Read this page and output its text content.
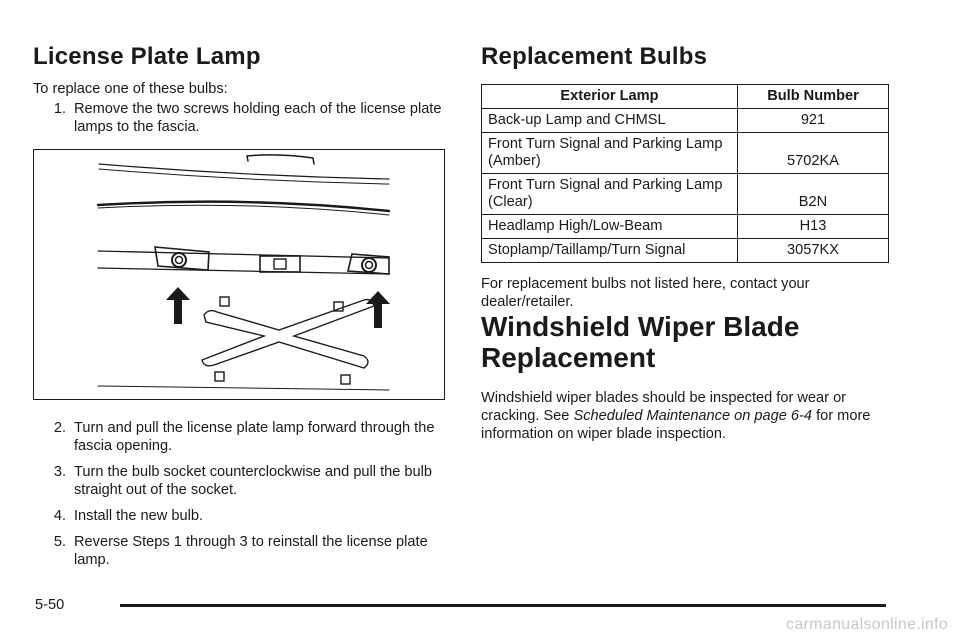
License Plate Lamp

To replace one of these bulbs:

1. Remove the two screws holding each of the license plate lamps to the fascia.
2. Turn and pull the license plate lamp forward through the fascia opening.
3. Turn the bulb socket counterclockwise and pull the bulb straight out of the socket.
4. Install the new bulb.
5. Reverse Steps 1 through 3 to reinstall the license plate lamp.
Replacement Bulbs
Exterior Lamp	Bulb Number
Back-up Lamp and CHMSL	921
Front Turn Signal and Parking Lamp (Amber)	5702KA
Front Turn Signal and Parking Lamp (Clear)	B2N
Headlamp High/Low-Beam	H13
Stoplamp/Taillamp/Turn Signal	3057KX

For replacement bulbs not listed here, contact your dealer/retailer.

Windshield Wiper Blade
Replacement

Windshield wiper blades should be inspected for wear or cracking. See Scheduled Maintenance on page 6-4 for more information on wiper blade inspection.

5-50
carmanualsonline.info
